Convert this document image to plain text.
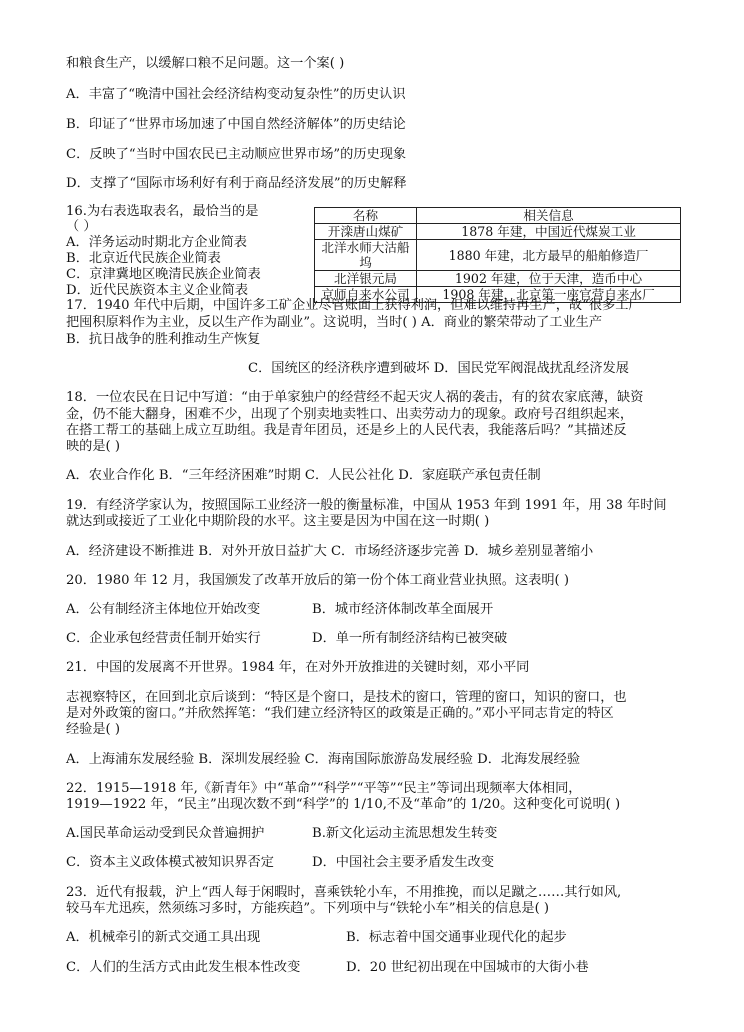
和粮食生产，以缓解口粮不足问题。这一个案( )
A．丰富了“晚清中国社会经济结构变动复杂性”的历史认识
B．印证了“世界市场加速了中国自然经济解体”的历史结论
C．反映了“当时中国农民已主动顺应世界市场”的历史现象
D．支撑了“国际市场利好有利于商品经济发展”的历史解释
16.为右表选取表名，最恰当的是
（ ）
A．洋务运动时期北方企业简表
B．北京近代民族企业简表
C．京津冀地区晚清民族企业简表
D．近代民族资本主义企业简表
名称	相关信息
开滦唐山煤矿	1878 年建，中国近代煤炭工业
北洋水师大沽船坞	1880 年建，北方最早的船舶修造厂
北洋银元局	1902 年建，位于天津，造币中心
京师自来水公司	1908 年建，北京第一座官营自来水厂
17．1940 年代中后期，中国许多工矿企业尽管账面上获得利润，但难以维持再生产，故“很多工厂
把囤积原料作为主业，反以生产作为副业”。这说明，当时( ) A．商业的繁荣带动了工业生产
B．抗日战争的胜利推动生产恢复
C．国统区的经济秩序遭到破坏 D．国民党军阀混战扰乱经济发展
18．一位农民在日记中写道：“由于单家独户的经营经不起天灾人祸的袭击，有的贫农家底薄，缺资
金，仍不能大翻身，困难不少，出现了个别卖地卖牲口、出卖劳动力的现象。政府号召组织起来，
在搭工帮工的基础上成立互助组。我是青年团员，还是乡上的人民代表，我能落后吗？”其描述反
映的是( )
A．农业合作化 B．“三年经济困难”时期 C．人民公社化 D．家庭联产承包责任制
19．有经济学家认为，按照国际工业经济一般的衡量标准，中国从 1953 年到 1991 年，用 38 年时间
就达到或接近了工业化中期阶段的水平。这主要是因为中国在这一时期( )
A．经济建设不断推进 B．对外开放日益扩大 C．市场经济逐步完善 D．城乡差别显著缩小
20．1980 年 12 月，我国颁发了改革开放后的第一份个体工商业营业执照。这表明( )
A．公有制经济主体地位开始改变	B．城市经济体制改革全面展开
C．企业承包经营责任制开始实行	D．单一所有制经济结构已被突破
21．中国的发展离不开世界。1984 年，在对外开放推进的关键时刻，邓小平同
志视察特区，在回到北京后谈到：“特区是个窗口，是技术的窗口，管理的窗口，知识的窗口，也
是对外政策的窗口。”并欣然挥笔：“我们建立经济特区的政策是正确的。”邓小平同志肯定的特区
经验是( )
A．上海浦东发展经验 B．深圳发展经验 C．海南国际旅游岛发展经验 D．北海发展经验
22．1915—1918 年,《新青年》中“革命”“科学”“平等”“民主”等词出现频率大体相同，
1919—1922 年，“民主”出现次数不到“科学”的 1/10,不及“革命”的 1/20。这种变化可说明( )
A.国民革命运动受到民众普遍拥护	B.新文化运动主流思想发生转变
C．资本主义政体模式被知识界否定	D．中国社会主要矛盾发生改变
23．近代有报载，沪上“西人每于闲暇时，喜乘铁轮小车，不用推挽，而以足蹴之……其行如风,
较马车尤迅疾，然须练习多时，方能疾趋”。下列项中与“铁轮小车”相关的信息是( )
A．机械牵引的新式交通工具出现	B．标志着中国交通事业现代化的起步
C．人们的生活方式由此发生根本性改变	D．20 世纪初出现在中国城市的大街小巷
